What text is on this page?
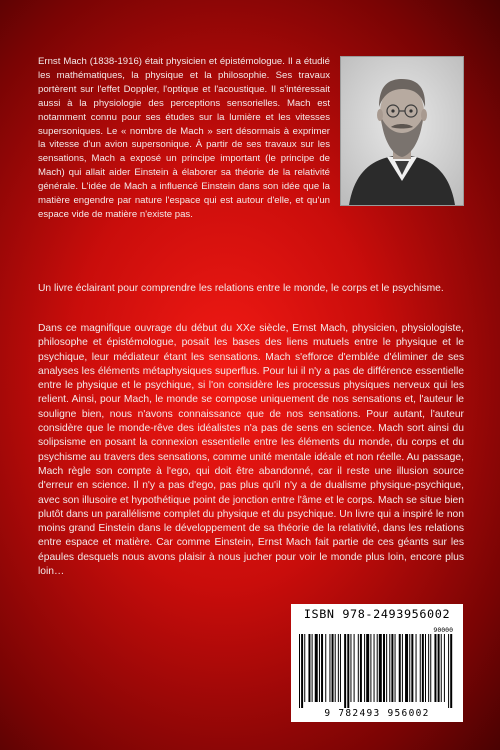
Ernst Mach (1838-1916) était physicien et épistémologue. Il a étudié les mathématiques, la physique et la philosophie. Ses travaux portèrent sur l'effet Doppler, l'optique et l'acoustique. Il s'intéressait aussi à la physiologie des perceptions sensorielles. Mach est notamment connu pour ses études sur la lumière et les vitesses supersoniques. Le « nombre de Mach » sert désormais à exprimer la vitesse d'un avion supersonique. À partir de ses travaux sur les sensations, Mach a exposé un principe important (le principe de Mach) qui allait aider Einstein à élaborer sa théorie de la relativité générale. L'idée de Mach a influencé Einstein dans son idée que la matière engendre par nature l'espace qui est autour d'elle, et qu'un espace vide de matière n'existe pas.

Un livre éclairant pour comprendre les relations entre le monde, le corps et le psychisme.

Dans ce magnifique ouvrage du début du XXe siècle, Ernst Mach, physicien, physiologiste, philosophe et épistémologue, posait les bases des liens mutuels entre le physique et le psychique, leur médiateur étant les sensations. Mach s'efforce d'emblée d'éliminer de ses analyses les éléments métaphysiques superflus. Pour lui il n'y a pas de différence essentielle entre le physique et le psychique, si l'on considère les processus physiques nerveux qui les relient. Ainsi, pour Mach, le monde se compose uniquement de nos sensations et, l'auteur le souligne bien, nous n'avons connaissance que de nos sensations. Pour autant, l'auteur considère que le monde-rêve des idéalistes n'a pas de sens en science. Mach sort ainsi du solipsisme en posant la connexion essentielle entre les éléments du monde, du corps et du psychisme au travers des sensations, comme unité mentale idéale et non réelle. Au passage, Mach règle son compte à l'ego, qui doit être abandonné, car il reste une illusion source d'erreur en science. Il n'y a pas d'ego, pas plus qu'il n'y a de dualisme physique-psychique, avec son illusoire et hypothétique point de jonction entre l'âme et le corps. Mach se situe bien plutôt dans un parallélisme complet du physique et du psychique. Un livre qui a inspiré le non moins grand Einstein dans le développement de sa théorie de la relativité, dans les relations entre espace et matière. Car comme Einstein, Ernst Mach fait partie de ces géants sur les épaules desquels nous avons plaisir à nous jucher pour voir le monde plus loin, encore plus loin…

ISBN 978-2493956002
90000
9 782493 956002
